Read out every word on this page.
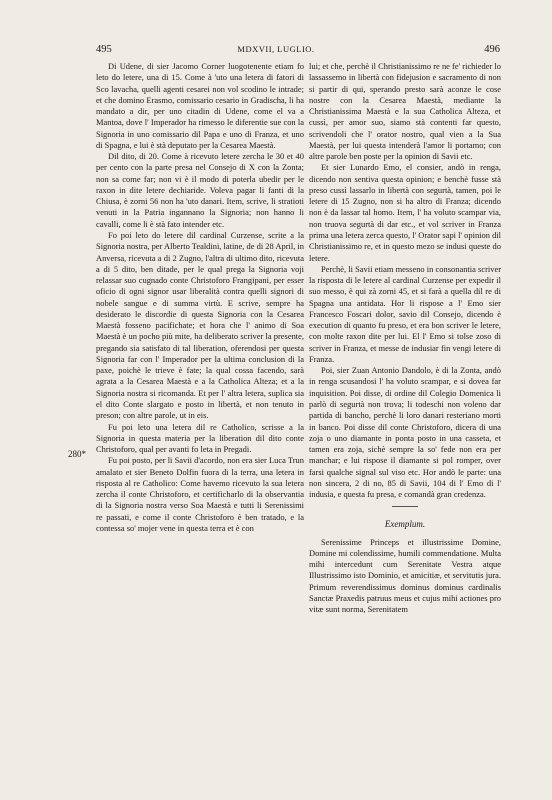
495	MDXVII, LUGLIO.	496
280*

Di Udene, di sier Jacomo Corner luogotenente etiam fo leto do letere, una di 15. Come à 'uto una letera di fatori di Sco lavacha, quelli agenti cesarei non vol scodino le intrade; et che domino Erasmo, comissario cesario in Gradischa, li ha mandato a dir, per uno citadin di Udene, come el va a Mantoa, dove l' Imperador ha rimesso le diferentie sue con la Signoria in uno comissario dil Papa e uno di Franza, et uno di Spagna, e lui è stà deputato per la Cesarea Maestà.

Dil dito, di 20. Come à ricevuto letere zercha le 30 et 40 per cento con la parte presa nel Consejo di X con la Zonta; non sa come far; non vi è il modo di poterla ubedir per le raxon in dite letere dechiaride. Voleva pagar li fanti di la Chiusa, è zorni 56 non ha 'uto danari. Item, scrive, li stratioti venuti in la Patria ingannano la Signoria; non hanno li cavalli, come li è stà fato intender etc.

Fo poi leto do letere dil cardinal Curzense, scrite a la Signoria nostra, per Alberto Tealdini, latine, de di 28 April, in Anversa, ricevuta a di 2 Zugno, l'altra di ultimo dito, ricevuta a di 5 dito, ben ditade, per le qual prega la Signoria voji relassar suo cugnado conte Christoforo Frangipani, per esser oficio di ogni signor usar liberalità contra quelli signori di nobele sangue e di summa virtù. E scrive, sempre ha desiderato le discordie di questa Signoria con la Cesarea Maestà fosseno pacifichate; et hora che l' animo di Soa Maestà è un pocho più mite, ha deliberato scriver la presente, pregando sia satisfato di tal liberation, oferendosi per questa Signoria far con l' Imperador per la ultima conclusion di la paxe, poichè le trieve è fate; la qual cossa facendo, sarà agrata a la Cesarea Maestà e a la Catholica Alteza; et a la Signoria nostra si ricomanda. Et per l' altra letera, suplica sia el dito Conte slargato e posto in libertà, et non tenuto in preson; con altre parole, ut in eis.

Fu poi leto una letera dil re Catholico, scrisse a la Signoria in questa materia per la liberation dil dito conte Christoforo, qual per avanti fo leta in Pregadi.

Fu poi posto, per li Savii d'acordo, non era sier Luca Trun amalato et sier Beneto Dolfin fuora di la terra, una letera in risposta al re Catholico: Come havemo ricevuto la sua letera zercha il conte Christoforo, et certificharlo di la observantia di la Signoria nostra verso Soa Maestà e tutti li Serenissimi re passati, e come il conte Christoforo è ben tratado, e la contessa so' mojer vene in questa terra et è con

lui; et che, perchè il Christianissimo re ne fe' richieder lo lassassemo in libertà con fidejusion e sacramento di non si partir di qui, sperando presto sarà aconze le cose nostre con la Cesarea Maestà, mediante la Christianissima Maestà e la sua Catholica Alteza, et cussì, per amor suo, siamo stà contenti far questo, scrivendoli che l' orator nostro, qual vien a la Sua Maestà, per lui questa intenderà l'amor li portamo; con altre parole ben poste per la opinion di Savii etc.

Et sier Lunardo Emo, el consier, andò in renga, dicendo non sentiva questa opinion; e benchè fusse stà preso cussì lassarlo in libertà con segurtà, tamen, poi le letere di 15 Zugno, non si ha altro di Franza; dicendo non è da lassar tal homo. Item, l' ha voluto scampar via, non truova segurtà di dar etc., et vol scriver in Franza prima una letera zerca questo, l' Orator sapi l' opinion dil Christianissimo re, et in questo mezo se indusi queste do letere.

Perchè, li Savii etiam messeno in consonantia scriver la risposta di le letere al cardinal Curzense per expedir il suo messo, è qui zà zorni 45, et si farà a quella dil re di Spagna una antidata. Hor li rispose a l' Emo sier Francesco Foscari dolor, savio dil Consejo, dicendo è execution di quanto fu preso, et era bon scriver le letere, con molte raxon dite per lui. El l' Emo si tolse zoso di scriver in Franza, et messe de indusiar fin vengi letere di Franza.

Poi, sier Zuan Antonio Dandolo, è di la Zonta, andò in renga scusandosi l' ha voluto scampar, e si dovea far inquisition. Poi disse, di ordine dil Colegio Domenica li parlò di segurtà non trova; li todeschi non voleno dar partida di bancho, perchè li loro danari resteriano morti in banco. Poi disse dil conte Christoforo, dicera di una zoja o uno diamante in ponta posto in una casseta, et tamen era zoja, sichè sempre la so' fede non era per manchar; e lui rispose il diamante si pol romper, over farsi qualche signal sul viso etc. Hor andò le parte: una non sincera, 2 di no, 85 di Savii, 104 di l' Emo di l' indusia, e questa fu presa, e comandà gran credenza.

Exemplum.

Serenissime Princeps et illustrissime Domine, Domine mi colendissime, humili commendatione. Multa mihi intercedunt cum Serenitate Vestra atque Illustrissimo isto Dominio, et amicitiæ, et servitutis jura. Primum reverendissimus dominus dominus cardinalis Sanctæ Praxedis patruus meus et cujus mihi actiones pro vitæ sunt norma, Serenitatem
